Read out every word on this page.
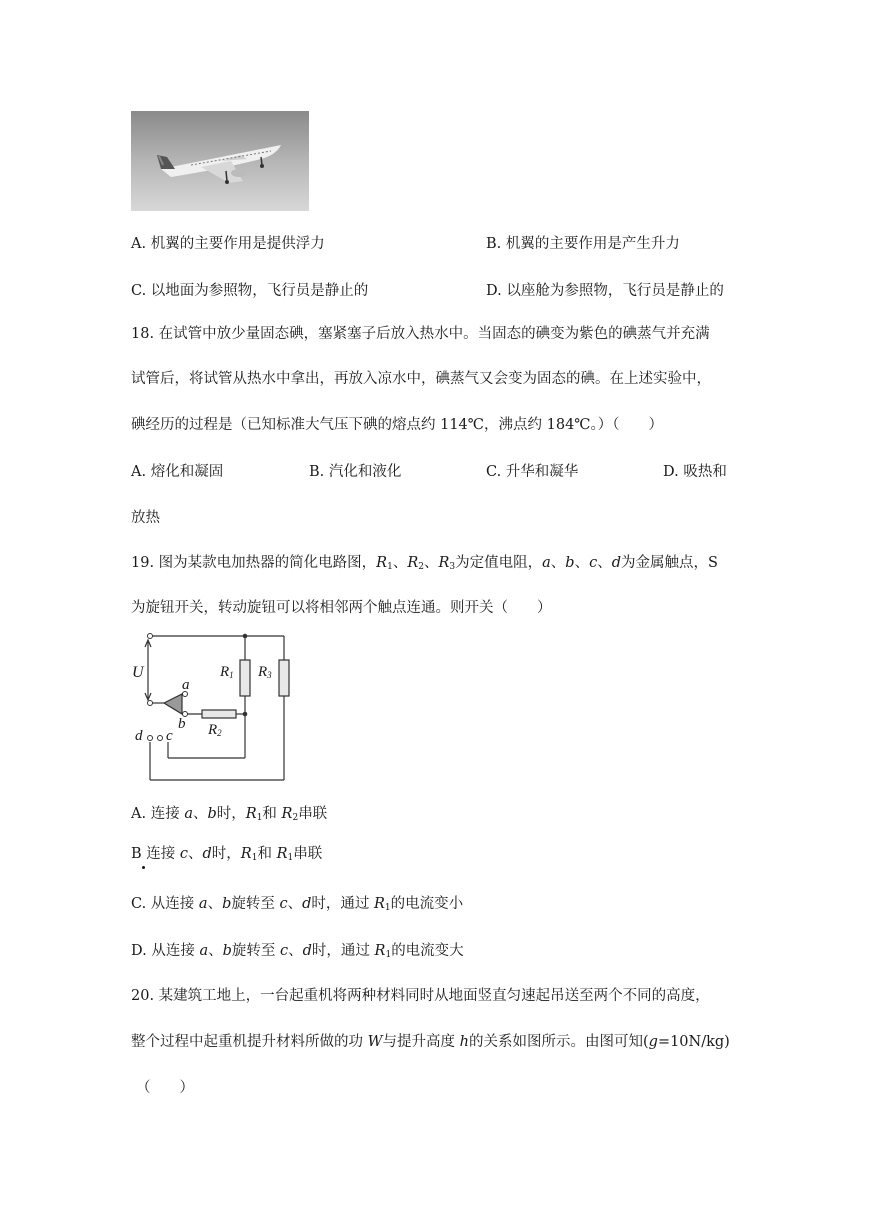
A. 机翼的主要作用是提供浮力	B. 机翼的主要作用是产生升力
C. 以地面为参照物，飞行员是静止的	D. 以座舱为参照物，飞行员是静止的
18. 在试管中放少量固态碘，塞紧塞子后放入热水中。当固态的碘变为紫色的碘蒸气并充满
试管后，将试管从热水中拿出，再放入凉水中，碘蒸气又会变为固态的碘。在上述实验中，
碘经历的过程是（已知标准大气压下碘的熔点约 114℃，沸点约 184℃。）（　　）
A. 熔化和凝固	B. 汽化和液化	C. 升华和凝华	D. 吸热和
放热
19. 图为某款电加热器的简化电路图，$R_1$、$R_2$、$R_3$为定值电阻，a、b、c、d为金属触点，S
为旋钮开关，转动旋钮可以将相邻两个触点连通。则开关（　　）
U	$R_1$ $R_3$
$R_2$
a
b
c
d
A. 连接 a、b时，$R_1$和 $R_2$串联
B 连接 c、d时，$R_1$和 $R_1$串联
C. 从连接 a、b旋转至 c、d时，通过 $R_1$的电流变小
D. 从连接 a、b旋转至 c、d时，通过 $R_1$的电流变大
20. 某建筑工地上，一台起重机将两种材料同时从地面竖直匀速起吊送至两个不同的高度，
整个过程中起重机提升材料所做的功 W与提升高度 h的关系如图所示。由图可知(g=10N/kg)
（　　）
